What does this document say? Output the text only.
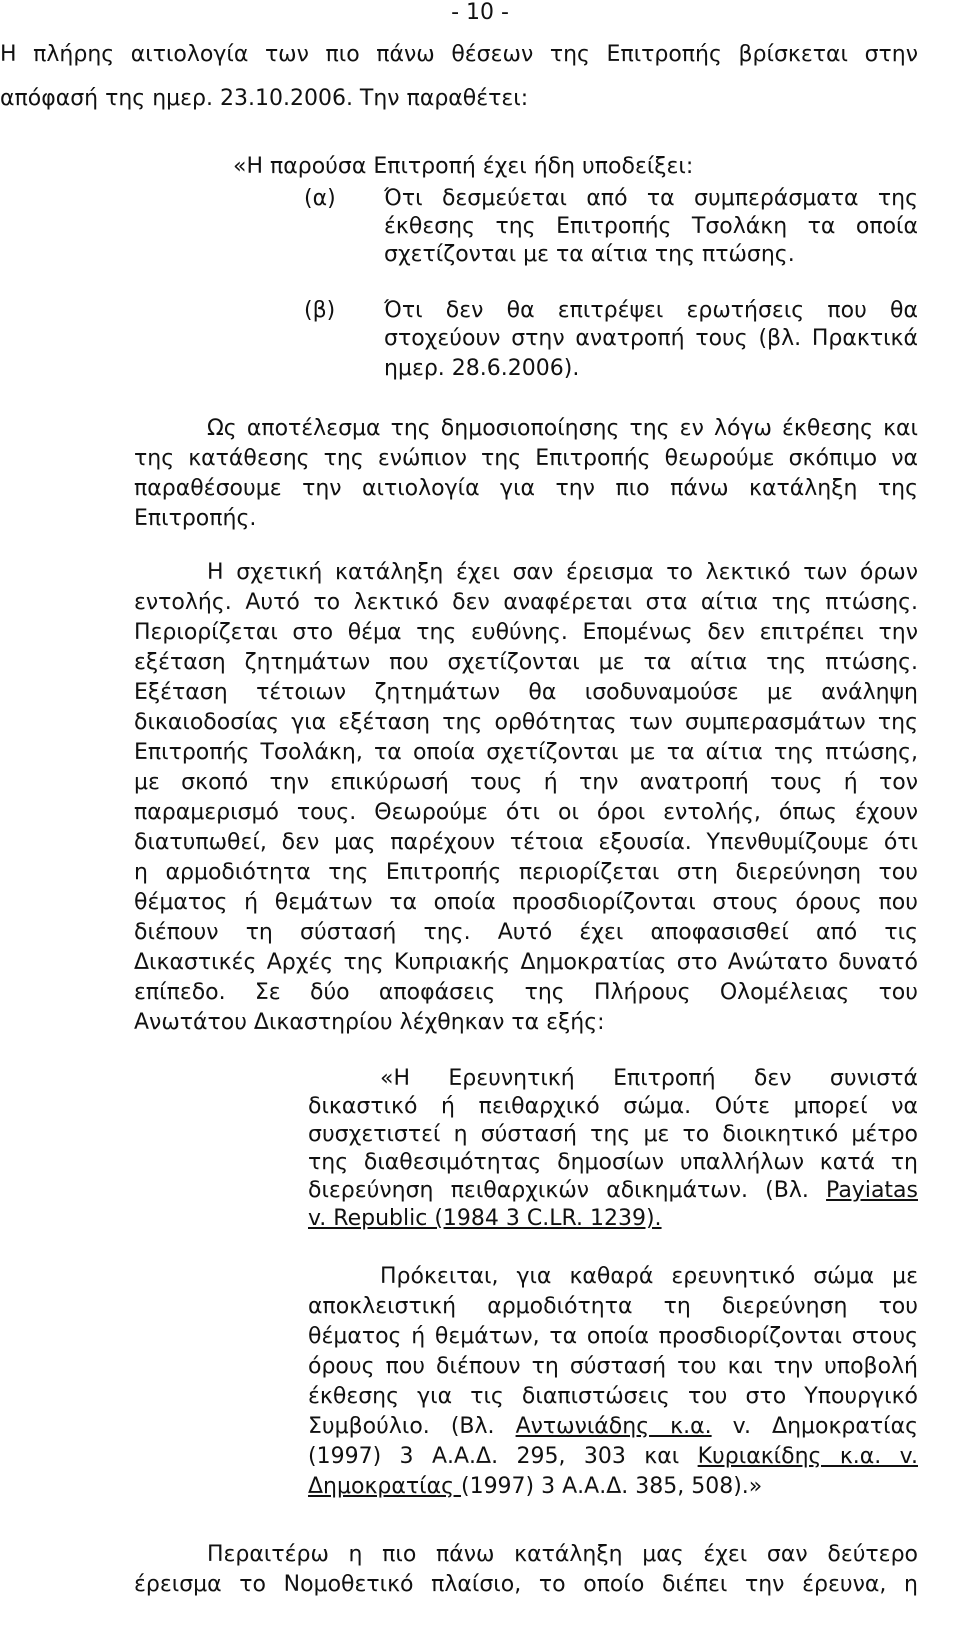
- 10 -
Η πλήρης αιτιολογία των πιο πάνω θέσεων της Επιτροπής βρίσκεται στην
απόφασή της ημερ. 23.10.2006. Την παραθέτει:
«Η παρούσα Επιτροπή έχει ήδη υποδείξει:
(α) Ότι δεσμεύεται από τα συμπεράσματα της
έκθεσης της Επιτροπής Τσολάκη τα οποία
σχετίζονται με τα αίτια της πτώσης.
(β) Ότι δεν θα επιτρέψει ερωτήσεις που θα
στοχεύουν στην ανατροπή τους (βλ. Πρακτικά
ημερ. 28.6.2006).
Ως αποτέλεσμα της δημοσιοποίησης της εν λόγω έκθεσης και
της κατάθεσης της ενώπιον της Επιτροπής θεωρούμε σκόπιμο να
παραθέσουμε την αιτιολογία για την πιο πάνω κατάληξη της
Επιτροπής.
Η σχετική κατάληξη έχει σαν έρεισμα το λεκτικό των όρων
εντολής. Αυτό το λεκτικό δεν αναφέρεται στα αίτια της πτώσης.
Περιορίζεται στο θέμα της ευθύνης. Επομένως δεν επιτρέπει την
εξέταση ζητημάτων που σχετίζονται με τα αίτια της πτώσης.
Εξέταση τέτοιων ζητημάτων θα ισοδυναμούσε με ανάληψη
δικαιοδοσίας για εξέταση της ορθότητας των συμπερασμάτων της
Επιτροπής Τσολάκη, τα οποία σχετίζονται με τα αίτια της πτώσης,
με σκοπό την επικύρωσή τους ή την ανατροπή τους ή τον
παραμερισμό τους. Θεωρούμε ότι οι όροι εντολής, όπως έχουν
διατυπωθεί, δεν μας παρέχουν τέτοια εξουσία. Υπενθυμίζουμε ότι
η αρμοδιότητα της Επιτροπής περιορίζεται στη διερεύνηση του
θέματος ή θεμάτων τα οποία προσδιορίζονται στους όρους που
διέπουν τη σύστασή της. Αυτό έχει αποφασισθεί από τις
Δικαστικές Αρχές της Κυπριακής Δημοκρατίας στο Ανώτατο δυνατό
επίπεδο. Σε δύο αποφάσεις της Πλήρους Ολομέλειας του
Ανωτάτου Δικαστηρίου λέχθηκαν τα εξής:
«Η Ερευνητική Επιτροπή δεν συνιστά
δικαστικό ή πειθαρχικό σώμα. Ούτε μπορεί να
συσχετιστεί η σύστασή της με το διοικητικό μέτρο
της διαθεσιμότητας δημοσίων υπαλλήλων κατά τη
διερεύνηση πειθαρχικών αδικημάτων. (Βλ. Payiatas
v. Republic (1984 3 C.LR. 1239).
Πρόκειται, για καθαρά ερευνητικό σώμα με
αποκλειστική αρμοδιότητα τη διερεύνηση του
θέματος ή θεμάτων, τα οποία προσδιορίζονται στους
όρους που διέπουν τη σύστασή του και την υποβολή
έκθεσης για τις διαπιστώσεις του στο Υπουργικό
Συμβούλιο. (Βλ. Αντωνιάδης κ.α. v. Δημοκρατίας
(1997) 3 Α.Α.Δ. 295, 303 και Κυριακίδης κ.α. v.
Δημοκρατίας (1997) 3 Α.Α.Δ. 385, 508).»
Περαιτέρω η πιο πάνω κατάληξη μας έχει σαν δεύτερο
έρεισμα το Νομοθετικό πλαίσιο, το οποίο διέπει την έρευνα, η
